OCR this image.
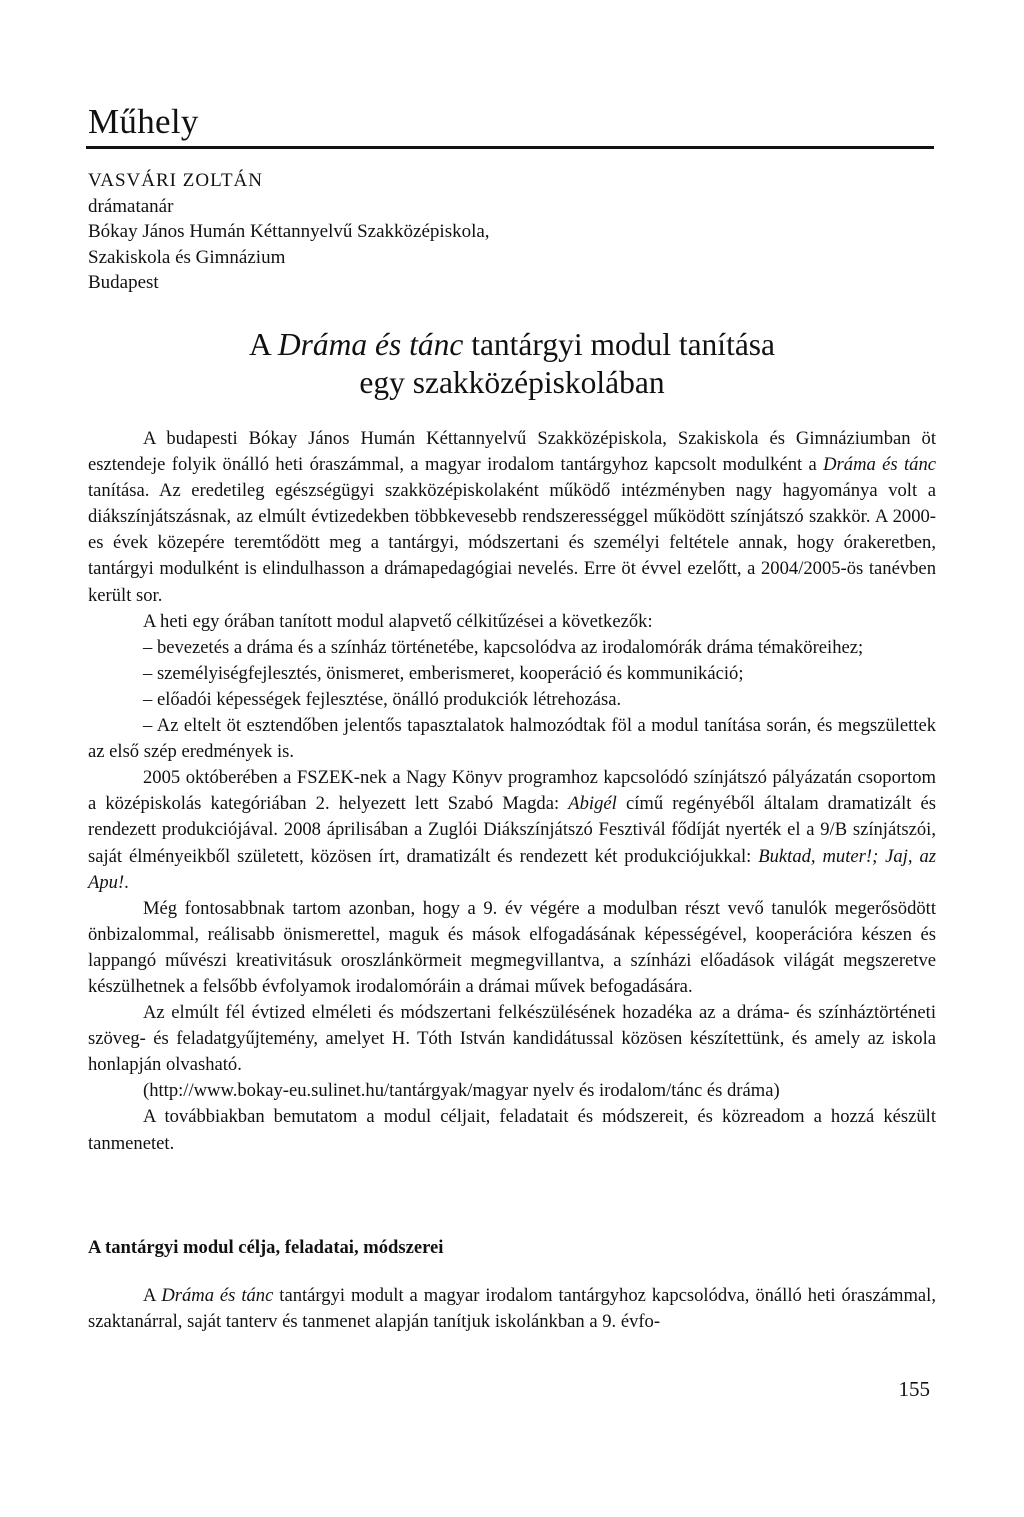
Műhely
VASVÁRI ZOLTÁN
drámatanár
Bókay János Humán Kéttannyelvű Szakközépiskola,
Szakiskola és Gimnázium
Budapest
A Dráma és tánc tantárgyi modul tanítása
egy szakközépiskolában

A budapesti Bókay János Humán Kéttannyelvű Szakközépiskola, Szakiskola és Gimnáziumban öt esztendeje folyik önálló heti óraszámmal, a magyar irodalom tantárgyhoz kapcsolt modulként a Dráma és tánc tanítása. Az eredetileg egészségügyi szakközépiskolaként működő intézményben nagy hagyománya volt a diákszínjátszásnak, az elmúlt évtizedekben többkevesebb rendszerességgel működött színjátszó szakkör. A 2000-es évek közepére teremtődött meg a tantárgyi, módszertani és személyi feltétele annak, hogy órakeretben, tantárgyi modulként is elindulhasson a drámapedagógiai nevelés. Erre öt évvel ezelőtt, a 2004/2005-ös tanévben került sor.

A heti egy órában tanított modul alapvető célkitűzései a következők:

– bevezetés a dráma és a színház történetébe, kapcsolódva az irodalomórák dráma témaköreihez;

– személyiségfejlesztés, önismeret, emberismeret, kooperáció és kommunikáció;

– előadói képességek fejlesztése, önálló produkciók létrehozása.

– Az eltelt öt esztendőben jelentős tapasztalatok halmozódtak föl a modul tanítása során, és megszülettek az első szép eredmények is.

2005 októberében a FSZEK-nek a Nagy Könyv programhoz kapcsolódó színjátszó pályázatán csoportom a középiskolás kategóriában 2. helyezett lett Szabó Magda: Abigél című regényéből általam dramatizált és rendezett produkciójával. 2008 áprilisában a Zuglói Diákszínjátszó Fesztivál fődíját nyerték el a 9/B színjátszói, saját élményeikből született, közösen írt, dramatizált és rendezett két produkciójukkal: Buktad, muter!; Jaj, az Apu!.

Még fontosabbnak tartom azonban, hogy a 9. év végére a modulban részt vevő tanulók megerősödött önbizalommal, reálisabb önismerettel, maguk és mások elfogadásának képességével, kooperációra készen és lappangó művészi kreativitásuk oroszlánkörmeit megmegvillantva, a színházi előadások világát megszeretve készülhetnek a felsőbb évfolyamok irodalomóráin a drámai művek befogadására.

Az elmúlt fél évtized elméleti és módszertani felkészülésének hozadéka az a dráma- és színháztörténeti szöveg- és feladatgyűjtemény, amelyet H. Tóth István kandidátussal közösen készítettünk, és amely az iskola honlapján olvasható.

(http://www.bokay-eu.sulinet.hu/tantárgyak/magyar nyelv és irodalom/tánc és dráma)

A továbbiakban bemutatom a modul céljait, feladatait és módszereit, és közreadom a hozzá készült tanmenetet.

A tantárgyi modul célja, feladatai, módszerei

A Dráma és tánc tantárgyi modult a magyar irodalom tantárgyhoz kapcsolódva, önálló heti óraszámmal, szaktanárral, saját tanterv és tanmenet alapján tanítjuk iskolánkban a 9. évfo-

155
